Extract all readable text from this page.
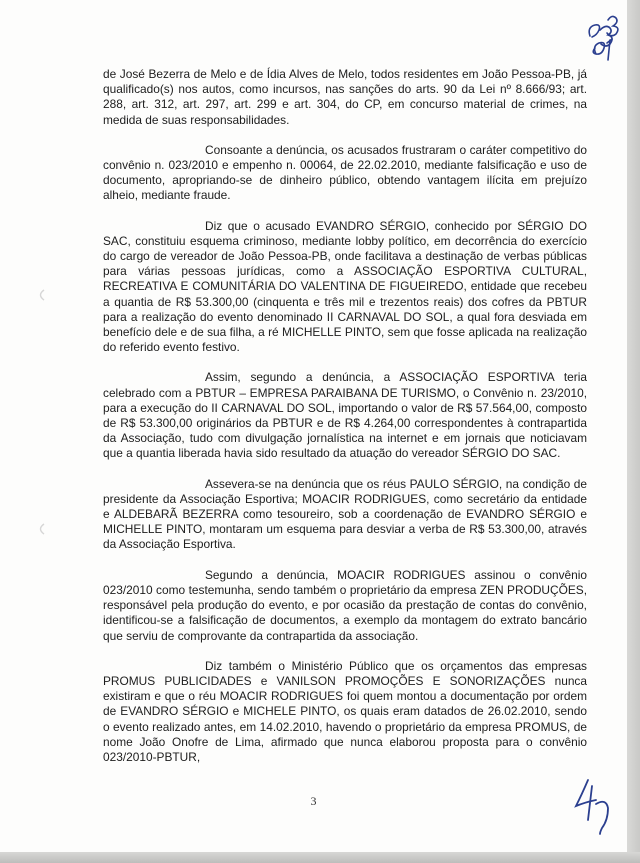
de José Bezerra de Melo e de Ídia Alves de Melo, todos residentes em João Pessoa-PB, já qualificado(s) nos autos, como incursos, nas sanções do arts. 90 da Lei nº 8.666/93; art. 288, art. 312, art. 297, art. 299 e art. 304, do CP, em concurso material de crimes, na medida de suas responsabilidades.

Consoante a denúncia, os acusados frustraram o caráter competitivo do convênio n. 023/2010 e empenho n. 00064, de 22.02.2010, mediante falsificação e uso de documento, apropriando-se de dinheiro público, obtendo vantagem ilícita em prejuízo alheio, mediante fraude.

Diz que o acusado EVANDRO SÉRGIO, conhecido por SÉRGIO DO SAC, constituiu esquema criminoso, mediante lobby político, em decorrência do exercício do cargo de vereador de João Pessoa-PB, onde facilitava a destinação de verbas públicas para várias pessoas jurídicas, como a ASSOCIAÇÃO ESPORTIVA CULTURAL, RECREATIVA E COMUNITÁRIA DO VALENTINA DE FIGUEIREDO, entidade que recebeu a quantia de R$ 53.300,00 (cinquenta e três mil e trezentos reais) dos cofres da PBTUR para a realização do evento denominado II CARNAVAL DO SOL, a qual fora desviada em benefício dele e de sua filha, a ré MICHELLE PINTO, sem que fosse aplicada na realização do referido evento festivo.

Assim, segundo a denúncia, a ASSOCIAÇÃO ESPORTIVA teria celebrado com a PBTUR – EMPRESA PARAIBANA DE TURISMO, o Convênio n. 23/2010, para a execução do II CARNAVAL DO SOL, importando o valor de R$ 57.564,00, composto de R$ 53.300,00 originários da PBTUR e de R$ 4.264,00 correspondentes à contrapartida da Associação, tudo com divulgação jornalística na internet e em jornais que noticiavam que a quantia liberada havia sido resultado da atuação do vereador SÉRGIO DO SAC.

Assevera-se na denúncia que os réus PAULO SÉRGIO, na condição de presidente da Associação Esportiva; MOACIR RODRIGUES, como secretário da entidade e ALDEBARÃ BEZERRA como tesoureiro, sob a coordenação de EVANDRO SÉRGIO e MICHELLE PINTO, montaram um esquema para desviar a verba de R$ 53.300,00, através da Associação Esportiva.

Segundo a denúncia, MOACIR RODRIGUES assinou o convênio 023/2010 como testemunha, sendo também o proprietário da empresa ZEN PRODUÇÕES, responsável pela produção do evento, e por ocasião da prestação de contas do convênio, identificou-se a falsificação de documentos, a exemplo da montagem do extrato bancário que serviu de comprovante da contrapartida da associação.

Diz também o Ministério Público que os orçamentos das empresas PROMUS PUBLICIDADES e VANILSON PROMOÇÕES E SONORIZAÇÕES nunca existiram e que o réu MOACIR RODRIGUES foi quem montou a documentação por ordem de EVANDRO SÉRGIO e MICHELE PINTO, os quais eram datados de 26.02.2010, sendo o evento realizado antes, em 14.02.2010, havendo o proprietário da empresa PROMUS, de nome João Onofre de Lima, afirmado que nunca elaborou proposta para o convênio 023/2010-PBTUR,

3
